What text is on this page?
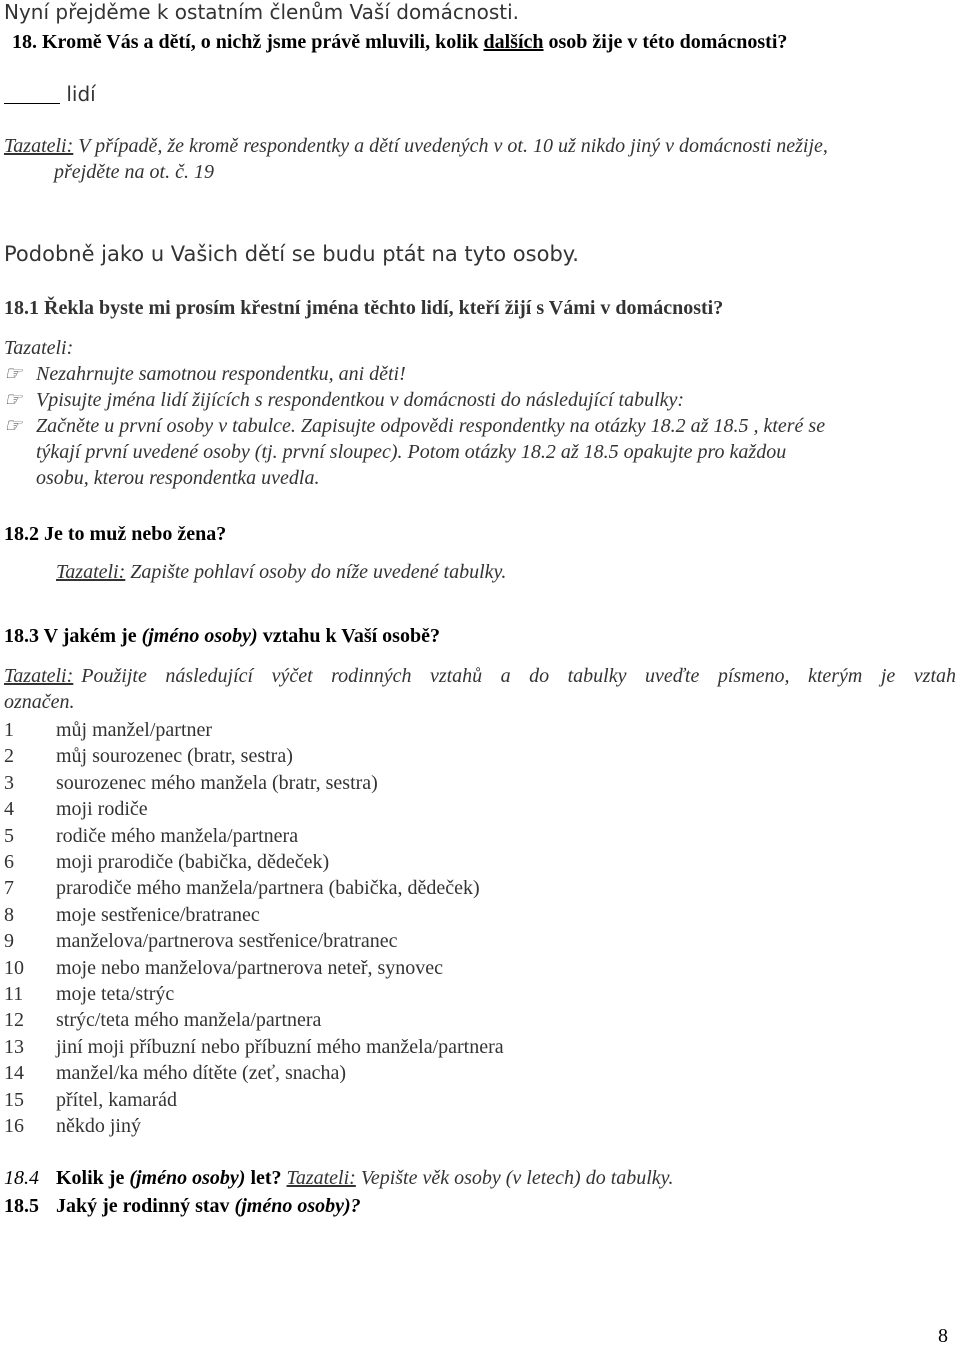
Nyní přejděme k ostatním členům Vaší domácnosti.
18. Kromě Vás a dětí, o nichž jsme právě mluvili, kolik dalších osob žije v této domácnosti?
lidí
Tazateli: V případě, že kromě respondentky a dětí uvedených v ot. 10 už nikdo jiný v domácnosti nežije,
přejděte na ot. č. 19
Podobně jako u Vašich dětí se budu ptát na tyto osoby.
18.1 Řekla byste mi prosím křestní jména těchto lidí, kteří žijí s Vámi v domácnosti?
Tazateli:
☞ Nezahrnujte samotnou respondentku, ani děti!
☞ Vpisujte jména lidí žijících s respondentkou v domácnosti do následující tabulky:
☞ Začněte u první osoby v tabulce. Zapisujte odpovědi respondentky na otázky 18.2 až 18.5 , které se
týkají první uvedené osoby (tj. první sloupec). Potom otázky 18.2 až 18.5 opakujte pro každou
osobu, kterou respondentka uvedla.
18.2 Je to muž nebo žena?
Tazateli: Zapište pohlaví osoby do níže uvedené tabulky.
18.3 V jakém je (jméno osoby) vztahu k Vaší osobě?
Tazateli: Použijte následující výčet rodinných vztahů a do tabulky uveďte písmeno, kterým je vztah
označen.
1 můj manžel/partner
2 můj sourozenec (bratr, sestra)
3 sourozenec mého manžela (bratr, sestra)
4 moji rodiče
5 rodiče mého manžela/partnera
6 moji prarodiče (babička, dědeček)
7 prarodiče mého manžela/partnera (babička, dědeček)
8 moje sestřenice/bratranec
9 manželova/partnerova sestřenice/bratranec
10 moje nebo manželova/partnerova neteř, synovec
11 moje teta/strýc
12 strýc/teta mého manžela/partnera
13 jiní moji příbuzní nebo příbuzní mého manžela/partnera
14 manžel/ka mého dítěte (zeť, snacha)
15 přítel, kamarád
16 někdo jiný
18.4 Kolik je (jméno osoby) let? Tazateli: Vepište věk osoby (v letech) do tabulky.
18.5 Jaký je rodinný stav (jméno osoby)?
8
